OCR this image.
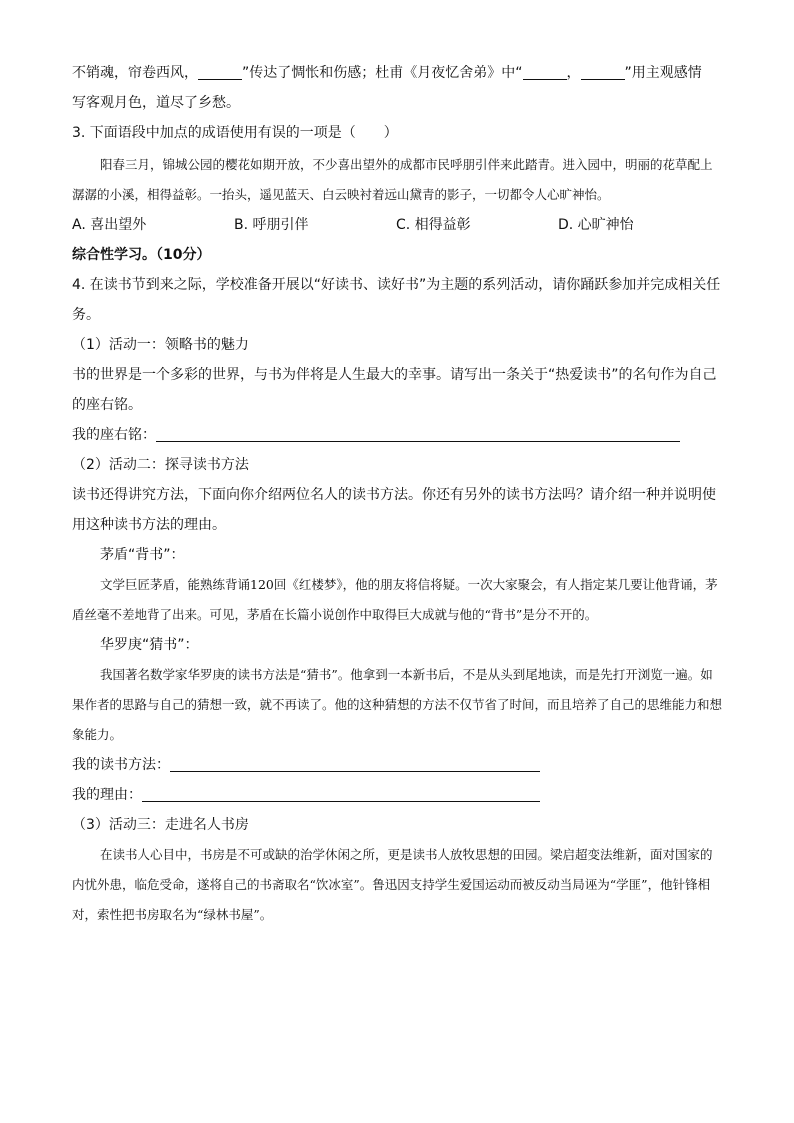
不销魂，帘卷西风，	”传达了惆怅和伤感；杜甫《月夜忆舍弟》中“	，	”用主观感情
写客观月色，道尽了乡愁。
3. 下面语段中加点的成语使用有误的一项是（　　）
阳春三月，锦城公园的樱花如期开放，不少喜出望外的成都市民呼朋引伴来此踏青。进入园中，明丽的花草配上潺潺的小溪，相得益彰。一抬头，遥见蓝天、白云映衬着远山黛青的影子，一切都令人心旷神怡。
A. 喜出望外	B. 呼朋引伴	C. 相得益彰	D. 心旷神怡
综合性学习。（10分）
4. 在读书节到来之际，学校准备开展以“好读书、读好书”为主题的系列活动，请你踊跃参加并完成相关任务。
（1）活动一：领略书的魅力
书的世界是一个多彩的世界，与书为伴将是人生最大的幸事。请写出一条关于“热爱读书”的名句作为自己的座右铭。
我的座右铭：
（2）活动二：探寻读书方法
读书还得讲究方法，下面向你介绍两位名人的读书方法。你还有另外的读书方法吗？请介绍一种并说明使用这种读书方法的理由。
茅盾“背书”：
文学巨匠茅盾，能熟练背诵120回《红楼梦》，他的朋友将信将疑。一次大家聚会，有人指定某几要让他背诵，茅盾丝毫不差地背了出来。可见，茅盾在长篇小说创作中取得巨大成就与他的“背书”是分不开的。
华罗庚“猜书”：
我国著名数学家华罗庚的读书方法是“猜书”。他拿到一本新书后，不是从头到尾地读，而是先打开浏览一遍。如果作者的思路与自己的猜想一致，就不再读了。他的这种猜想的方法不仅节省了时间，而且培养了自己的思维能力和想象能力。
我的读书方法：
我的理由：
（3）活动三：走进名人书房
在读书人心目中，书房是不可或缺的治学休闲之所，更是读书人放牧思想的田园。梁启超变法维新，面对国家的内忧外患，临危受命，遂将自己的书斋取名“饮冰室”。鲁迅因支持学生爱国运动而被反动当局诬为“学匪”，他针锋相对，索性把书房取名为“绿林书屋”。
